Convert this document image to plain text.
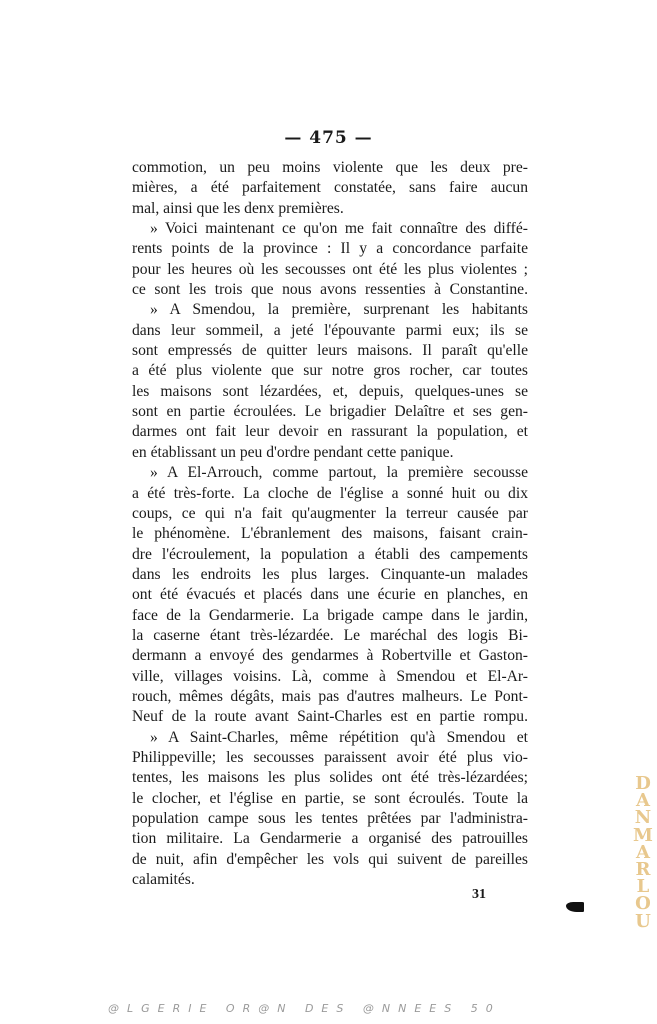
— 475 —
commotion, un peu moins violente que les deux pre-
mières, a été parfaitement constatée, sans faire aucun
mal, ainsi que les denx premières.
» Voici maintenant ce qu'on me fait connaître des diffé-
rents points de la province : Il y a concordance parfaite
pour les heures où les secousses ont été les plus violentes ;
ce sont les trois que nous avons ressenties à Constantine.
» A Smendou, la première, surprenant les habitants
dans leur sommeil, a jeté l'épouvante parmi eux; ils se
sont empressés de quitter leurs maisons. Il paraît qu'elle
a été plus violente que sur notre gros rocher, car toutes
les maisons sont lézardées, et, depuis, quelques-unes se
sont en partie écroulées. Le brigadier Delaître et ses gen-
darmes ont fait leur devoir en rassurant la population, et
en établissant un peu d'ordre pendant cette panique.
» A El-Arrouch, comme partout, la première secousse
a été très-forte. La cloche de l'église a sonné huit ou dix
coups, ce qui n'a fait qu'augmenter la terreur causée par
le phénomène. L'ébranlement des maisons, faisant crain-
dre l'écroulement, la population a établi des campements
dans les endroits les plus larges. Cinquante-un malades
ont été évacués et placés dans une écurie en planches, en
face de la Gendarmerie. La brigade campe dans le jardin,
la caserne étant très-lézardée. Le maréchal des logis Bi-
dermann a envoyé des gendarmes à Robertville et Gaston-
ville, villages voisins. Là, comme à Smendou et El-Ar-
rouch, mêmes dégâts, mais pas d'autres malheurs. Le Pont-
Neuf de la route avant Saint-Charles est en partie rompu.
» A Saint-Charles, même répétition qu'à Smendou et
Philippeville; les secousses paraissent avoir été plus vio-
tentes, les maisons les plus solides ont été très-lézardées;
le clocher, et l'église en partie, se sont écroulés. Toute la
population campe sous les tentes prêtées par l'administra-
tion militaire. La Gendarmerie a organisé des patrouilles
de nuit, afin d'empêcher les vols qui suivent de pareilles
calamités.
31
DANMARLOU
@LGERIE OR@N DES @NNEES 50
